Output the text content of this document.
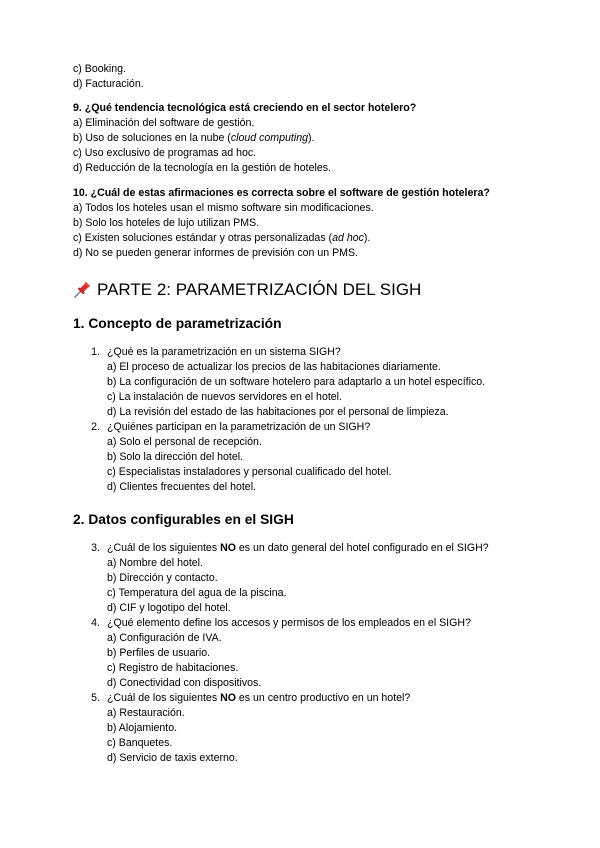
c) Booking.
d) Facturación.
9. ¿Qué tendencia tecnológica está creciendo en el sector hotelero?
a) Eliminación del software de gestión.
b) Uso de soluciones en la nube (cloud computing).
c) Uso exclusivo de programas ad hoc.
d) Reducción de la tecnología en la gestión de hoteles.
10. ¿Cuál de estas afirmaciones es correcta sobre el software de gestión hotelera?
a) Todos los hoteles usan el mismo software sin modificaciones.
b) Solo los hoteles de lujo utilizan PMS.
c) Existen soluciones estándar y otras personalizadas (ad hoc).
d) No se pueden generar informes de previsión con un PMS.
PARTE 2: PARAMETRIZACIÓN DEL SIGH
1. Concepto de parametrización
1. ¿Qué es la parametrización en un sistema SIGH?
a) El proceso de actualizar los precios de las habitaciones diariamente.
b) La configuración de un software hotelero para adaptarlo a un hotel específico.
c) La instalación de nuevos servidores en el hotel.
d) La revisión del estado de las habitaciones por el personal de limpieza.
2. ¿Quiénes participan en la parametrización de un SIGH?
a) Solo el personal de recepción.
b) Solo la dirección del hotel.
c) Especialistas instaladores y personal cualificado del hotel.
d) Clientes frecuentes del hotel.
2. Datos configurables en el SIGH
3. ¿Cuál de los siguientes NO es un dato general del hotel configurado en el SIGH?
a) Nombre del hotel.
b) Dirección y contacto.
c) Temperatura del agua de la piscina.
d) CIF y logotipo del hotel.
4. ¿Qué elemento define los accesos y permisos de los empleados en el SIGH?
a) Configuración de IVA.
b) Perfiles de usuario.
c) Registro de habitaciones.
d) Conectividad con dispositivos.
5. ¿Cuál de los siguientes NO es un centro productivo en un hotel?
a) Restauración.
b) Alojamiento.
c) Banquetes.
d) Servicio de taxis externo.
